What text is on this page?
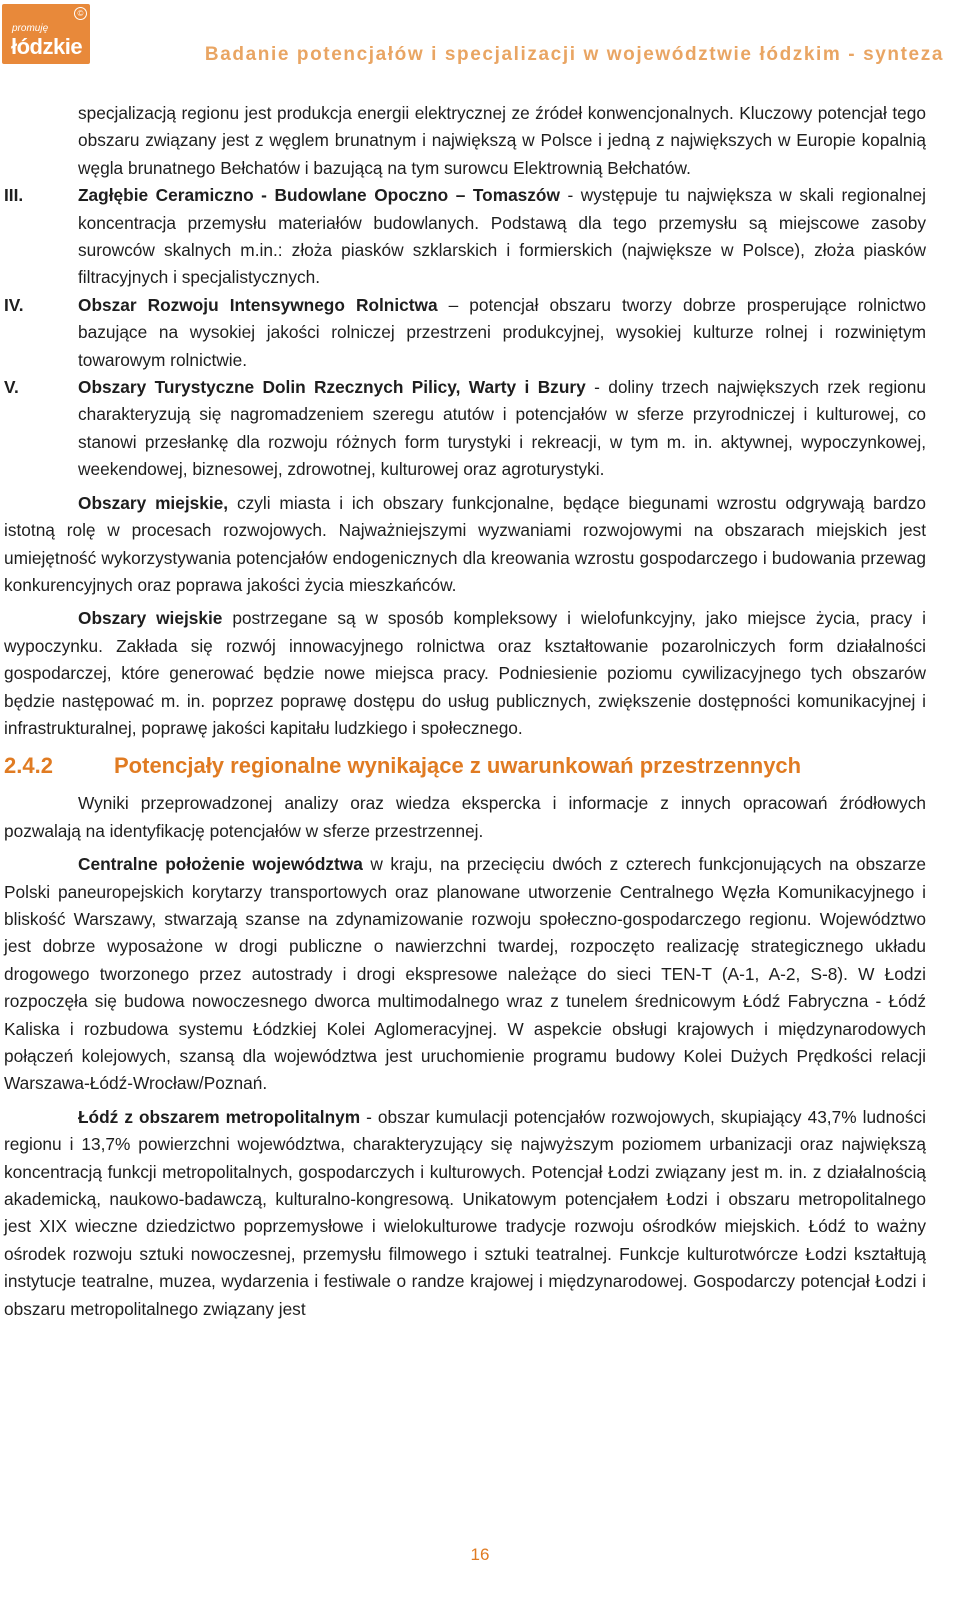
©
promuję
łódzkie	Badanie potencjałów i specjalizacji w województwie łódzkim - synteza
specjalizacją regionu jest produkcja energii elektrycznej ze źródeł konwencjonalnych. Kluczowy potencjał tego obszaru związany jest z węglem brunatnym i największą w Polsce i jedną z największych w Europie kopalnią węgla brunatnego Bełchatów i bazującą na tym surowcu Elektrownią Bełchatów.
III.	Zagłębie Ceramiczno - Budowlane Opoczno – Tomaszów - występuje tu największa w skali regionalnej koncentracja przemysłu materiałów budowlanych. Podstawą dla tego przemysłu są miejscowe zasoby surowców skalnych m.in.: złoża piasków szklarskich i formierskich (największe w Polsce), złoża piasków filtracyjnych i specjalistycznych.
IV.	Obszar Rozwoju Intensywnego Rolnictwa – potencjał obszaru tworzy dobrze prosperujące rolnictwo bazujące na wysokiej jakości rolniczej przestrzeni produkcyjnej, wysokiej kulturze rolnej i rozwiniętym towarowym rolnictwie.
V.	Obszary Turystyczne Dolin Rzecznych Pilicy, Warty i Bzury - doliny trzech największych rzek regionu charakteryzują się nagromadzeniem szeregu atutów i potencjałów w sferze przyrodniczej i kulturowej, co stanowi przesłankę dla rozwoju różnych form turystyki i rekreacji, w tym m. in. aktywnej, wypoczynkowej, weekendowej, biznesowej, zdrowotnej, kulturowej oraz agroturystyki.

Obszary miejskie, czyli miasta i ich obszary funkcjonalne, będące biegunami wzrostu odgrywają bardzo istotną rolę w procesach rozwojowych. Najważniejszymi wyzwaniami rozwojowymi na obszarach miejskich jest umiejętność wykorzystywania potencjałów endogenicznych dla kreowania wzrostu gospodarczego i budowania przewag konkurencyjnych oraz poprawa jakości życia mieszkańców.

Obszary wiejskie postrzegane są w sposób kompleksowy i wielofunkcyjny, jako miejsce życia, pracy i wypoczynku. Zakłada się rozwój innowacyjnego rolnictwa oraz kształtowanie pozarolniczych form działalności gospodarczej, które generować będzie nowe miejsca pracy. Podniesienie poziomu cywilizacyjnego tych obszarów będzie następować m. in. poprzez poprawę dostępu do usług publicznych, zwiększenie dostępności komunikacyjnej i infrastrukturalnej, poprawę jakości kapitału ludzkiego i społecznego.

2.4.2	Potencjały regionalne wynikające z uwarunkowań przestrzennych

Wyniki przeprowadzonej analizy oraz wiedza ekspercka i informacje z innych opracowań źródłowych pozwalają na identyfikację potencjałów w sferze przestrzennej.

Centralne położenie województwa w kraju, na przecięciu dwóch z czterech funkcjonujących na obszarze Polski paneuropejskich korytarzy transportowych oraz planowane utworzenie Centralnego Węzła Komunikacyjnego i bliskość Warszawy, stwarzają szanse na zdynamizowanie rozwoju społeczno-gospodarczego regionu. Województwo jest dobrze wyposażone w drogi publiczne o nawierzchni twardej, rozpoczęto realizację strategicznego układu drogowego tworzonego przez autostrady i drogi ekspresowe należące do sieci TEN-T (A-1, A-2, S-8). W Łodzi rozpoczęła się budowa nowoczesnego dworca multimodalnego wraz z tunelem średnicowym Łódź Fabryczna - Łódź Kaliska i rozbudowa systemu Łódzkiej Kolei Aglomeracyjnej. W aspekcie obsługi krajowych i międzynarodowych połączeń kolejowych, szansą dla województwa jest uruchomienie programu budowy Kolei Dużych Prędkości relacji Warszawa-Łódź-Wrocław/Poznań.

Łódź z obszarem metropolitalnym - obszar kumulacji potencjałów rozwojowych, skupiający 43,7% ludności regionu i 13,7% powierzchni województwa, charakteryzujący się najwyższym poziomem urbanizacji oraz największą koncentracją funkcji metropolitalnych, gospodarczych i kulturowych. Potencjał Łodzi związany jest m. in. z działalnością akademicką, naukowo-badawczą, kulturalno-kongresową. Unikatowym potencjałem Łodzi i obszaru metropolitalnego jest XIX wieczne dziedzictwo poprzemysłowe i wielokulturowe tradycje rozwoju ośrodków miejskich. Łódź to ważny ośrodek rozwoju sztuki nowoczesnej, przemysłu filmowego i sztuki teatralnej. Funkcje kulturotwórcze Łodzi kształtują instytucje teatralne, muzea, wydarzenia i festiwale o randze krajowej i międzynarodowej. Gospodarczy potencjał Łodzi i obszaru metropolitalnego związany jest

16
